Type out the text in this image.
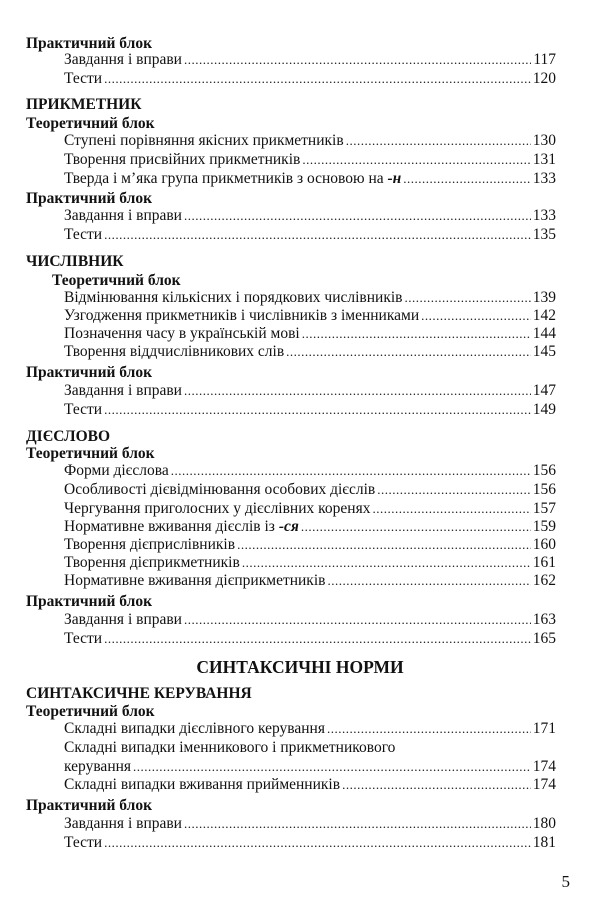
Практичний блок
Завдання і вправи .....	117
Тести .....	120
ПРИКМЕТНИК
Теоретичний блок
Ступені порівняння якісних прикметників .....	130
Творення присвійних прикметників .....	131
Тверда і м’яка група прикметників з основою на -н .....	133
Практичний блок
Завдання і вправи .....	133
Тести .....	135
ЧИСЛІВНИК
Теоретичний блок
Відмінювання кількісних і порядкових числівників .....	139
Узгодження прикметників і числівників з іменниками .....	142
Позначення часу в українській мові .....	144
Творення віддчислівникових слів .....	145
Практичний блок
Завдання і вправи .....	147
Тести .....	149
ДІЄСЛОВО
Теоретичний блок
Форми дієслова .....	156
Особливості дієвідмінювання особових дієслів .....	156
Чергування приголосних у дієслівних коренях .....	157
Нормативне вживання дієслів із -ся .....	159
Творення дієприслівників .....	160
Творення дієприкметників .....	161
Нормативне вживання дієприкметників .....	162
Практичний блок
Завдання і вправи .....	163
Тести .....	165
СИНТАКСИЧНІ НОРМИ
СИНТАКСИЧНЕ КЕРУВАННЯ
Теоретичний блок
Складні випадки дієслівного керування .....	171
Складні випадки іменникового і прикметникового
керування .....	174
Складні випадки вживання прийменників .....	174
Практичний блок
Завдання і вправи .....	180
Тести .....	181
5
